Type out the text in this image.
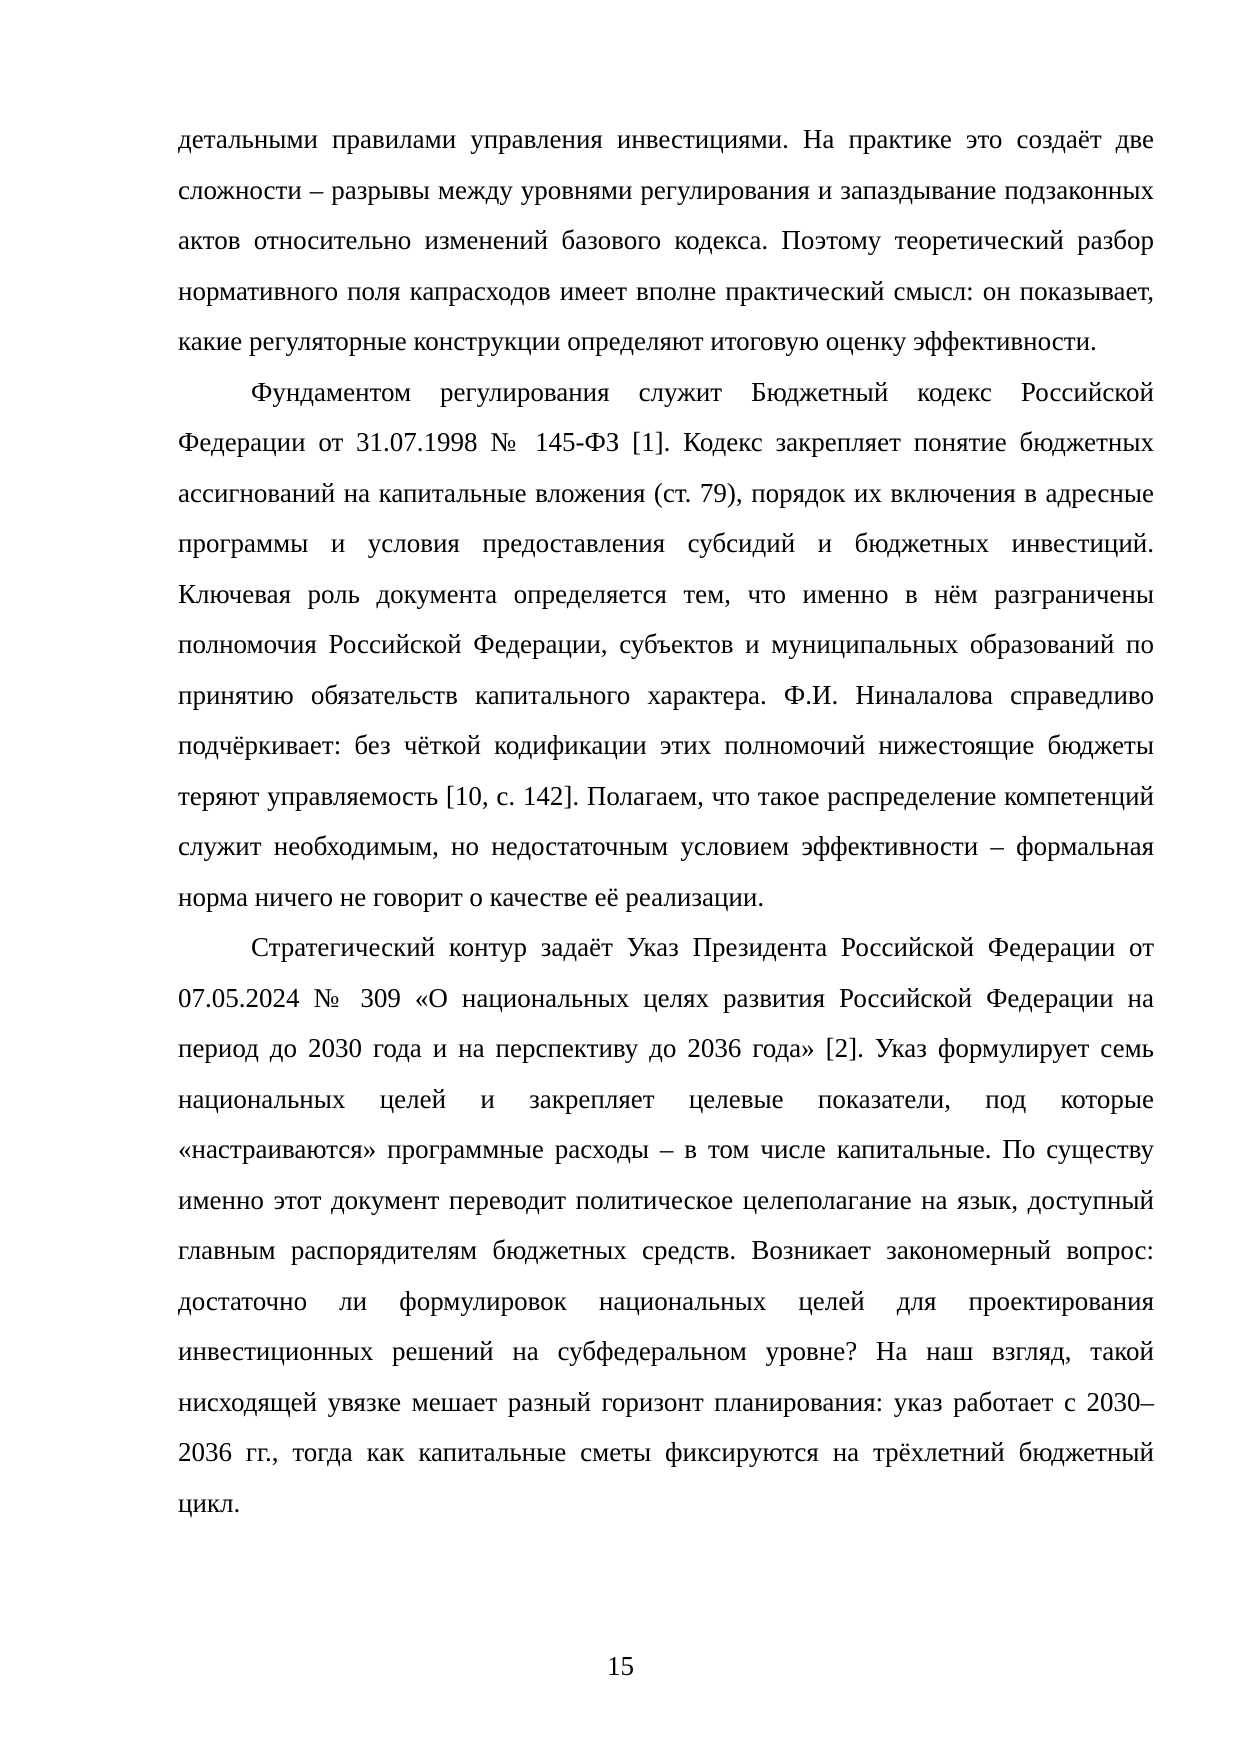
детальными правилами управления инвестициями. На практике это создаёт две сложности – разрывы между уровнями регулирования и запаздывание подзаконных актов относительно изменений базового кодекса. Поэтому теоретический разбор нормативного поля капрасходов имеет вполне практический смысл: он показывает, какие регуляторные конструкции определяют итоговую оценку эффективности.

Фундаментом регулирования служит Бюджетный кодекс Российской Федерации от 31.07.1998 № 145-ФЗ [1]. Кодекс закрепляет понятие бюджетных ассигнований на капитальные вложения (ст. 79), порядок их включения в адресные программы и условия предоставления субсидий и бюджетных инвестиций. Ключевая роль документа определяется тем, что именно в нём разграничены полномочия Российской Федерации, субъектов и муниципальных образований по принятию обязательств капитального характера. Ф.И. Ниналалова справедливо подчёркивает: без чёткой кодификации этих полномочий нижестоящие бюджеты теряют управляемость [10, с. 142]. Полагаем, что такое распределение компетенций служит необходимым, но недостаточным условием эффективности – формальная норма ничего не говорит о качестве её реализации.

Стратегический контур задаёт Указ Президента Российской Федерации от 07.05.2024 № 309 «О национальных целях развития Российской Федерации на период до 2030 года и на перспективу до 2036 года» [2]. Указ формулирует семь национальных целей и закрепляет целевые показатели, под которые «настраиваются» программные расходы – в том числе капитальные. По существу именно этот документ переводит политическое целеполагание на язык, доступный главным распорядителям бюджетных средств. Возникает закономерный вопрос: достаточно ли формулировок национальных целей для проектирования инвестиционных решений на субфедеральном уровне? На наш взгляд, такой нисходящей увязке мешает разный горизонт планирования: указ работает с 2030–2036 гг., тогда как капитальные сметы фиксируются на трёхлетний бюджетный цикл.

15
